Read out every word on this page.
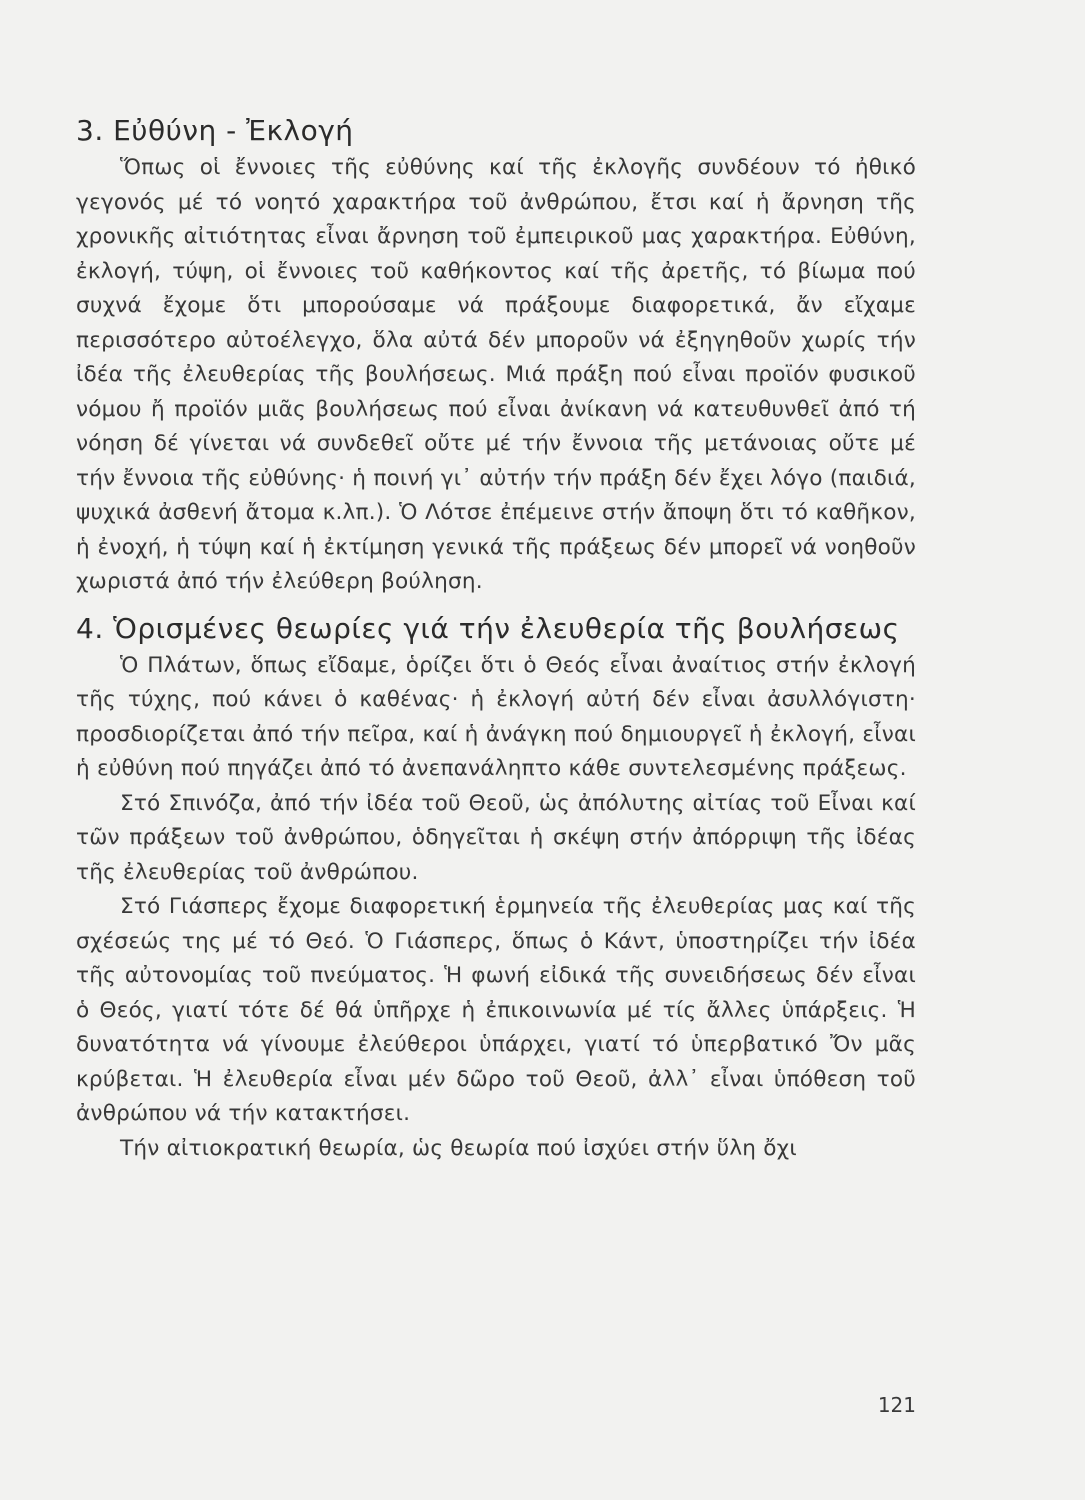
3. Εὐθύνη - Ἐκλογή

Ὅπως οἱ ἔννοιες τῆς εὐθύνης καί τῆς ἐκλογῆς συνδέουν τό ἠθικό γεγονός μέ τό νοητό χαρακτήρα τοῦ ἀνθρώπου, ἔτσι καί ἡ ἄρνηση τῆς χρονικῆς αἰτιότητας εἶναι ἄρνηση τοῦ ἐμπειρικοῦ μας χαρακτήρα. Εὐθύνη, ἐκλογή, τύψη, οἱ ἔννοιες τοῦ καθήκοντος καί τῆς ἀρετῆς, τό βίωμα πού συχνά ἔχομε ὅτι μπορούσαμε νά πράξουμε διαφορετικά, ἄν εἴχαμε περισσότερο αὐτοέλεγχο, ὅλα αὐτά δέν μποροῦν νά ἐξηγηθοῦν χωρίς τήν ἰδέα τῆς ἐλευθερίας τῆς βουλήσεως. Μιά πράξη πού εἶναι προϊόν φυσικοῦ νόμου ἤ προϊόν μιᾶς βουλήσεως πού εἶναι ἀνίκανη νά κατευθυνθεῖ ἀπό τή νόηση δέ γίνεται νά συνδεθεῖ οὔτε μέ τήν ἔννοια τῆς μετάνοιας οὔτε μέ τήν ἔννοια τῆς εὐθύνης· ἡ ποινή γι᾽ αὐτήν τήν πράξη δέν ἔχει λόγο (παιδιά, ψυχικά ἀσθενή ἄτομα κ.λπ.). Ὁ Λότσε ἐπέμεινε στήν ἄποψη ὅτι τό καθῆκον, ἡ ἐνοχή, ἡ τύψη καί ἡ ἐκτίμηση γενικά τῆς πράξεως δέν μπορεῖ νά νοηθοῦν χωριστά ἀπό τήν ἐλεύθερη βούληση.

4. Ὁρισμένες θεωρίες γιά τήν ἐλευθερία τῆς βουλήσεως

Ὁ Πλάτων, ὅπως εἴδαμε, ὁρίζει ὅτι ὁ Θεός εἶναι ἀναίτιος στήν ἐκλογή τῆς τύχης, πού κάνει ὁ καθένας· ἡ ἐκλογή αὐτή δέν εἶναι ἀσυλλόγιστη· προσδιορίζεται ἀπό τήν πεῖρα, καί ἡ ἀνάγκη πού δημιουργεῖ ἡ ἐκλογή, εἶναι ἡ εὐθύνη πού πηγάζει ἀπό τό ἀνεπανάληπτο κάθε συντελεσμένης πράξεως.

Στό Σπινόζα, ἀπό τήν ἰδέα τοῦ Θεοῦ, ὡς ἀπόλυτης αἰτίας τοῦ Εἶναι καί τῶν πράξεων τοῦ ἀνθρώπου, ὁδηγεῖται ἡ σκέψη στήν ἀπόρριψη τῆς ἰδέας τῆς ἐλευθερίας τοῦ ἀνθρώπου.

Στό Γιάσπερς ἔχομε διαφορετική ἑρμηνεία τῆς ἐλευθερίας μας καί τῆς σχέσεώς της μέ τό Θεό. Ὁ Γιάσπερς, ὅπως ὁ Κάντ, ὑποστηρίζει τήν ἰδέα τῆς αὐτονομίας τοῦ πνεύματος. Ἡ φωνή εἰδικά τῆς συνειδήσεως δέν εἶναι ὁ Θεός, γιατί τότε δέ θά ὑπῆρχε ἡ ἐπικοινωνία μέ τίς ἄλλες ὑπάρξεις. Ἡ δυνατότητα νά γίνουμε ἐλεύθεροι ὑπάρχει, γιατί τό ὑπερβατικό Ὄν μᾶς κρύβεται. Ἡ ἐλευθερία εἶναι μέν δῶρο τοῦ Θεοῦ, ἀλλ᾽ εἶναι ὑπόθεση τοῦ ἀνθρώπου νά τήν κατακτήσει.

Τήν αἰτιοκρατική θεωρία, ὡς θεωρία πού ἰσχύει στήν ὕλη ὄχι

121
